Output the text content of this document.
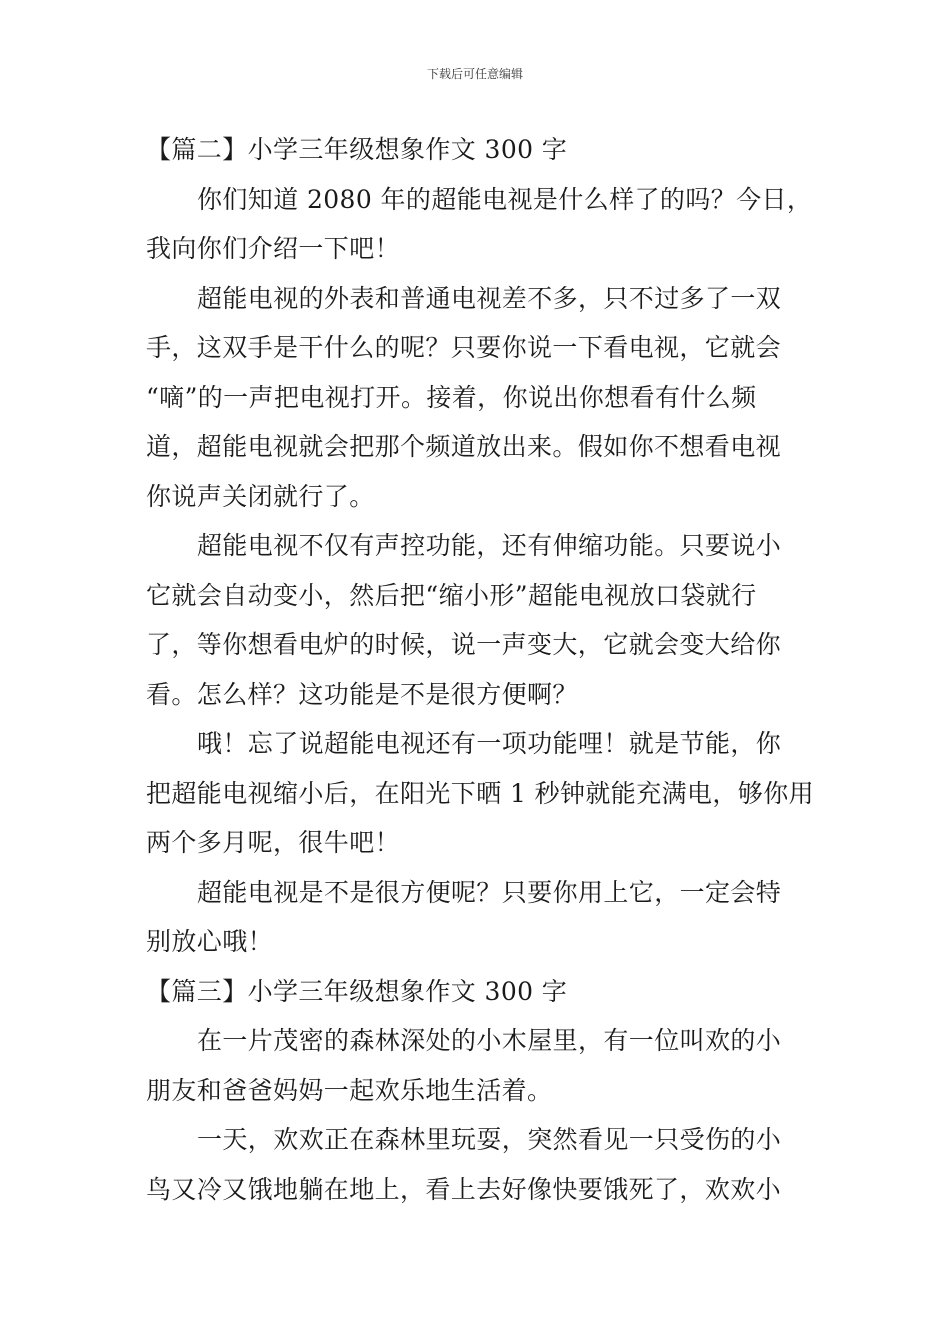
下载后可任意编辑
【篇二】小学三年级想象作文 300 字
你们知道 2080 年的超能电视是什么样了的吗？今日，
我向你们介绍一下吧！
超能电视的外表和普通电视差不多，只不过多了一双
手，这双手是干什么的呢？只要你说一下看电视，它就会
“嘀”的一声把电视打开。接着，你说出你想看有什么频
道，超能电视就会把那个频道放出来。假如你不想看电视
你说声关闭就行了。
超能电视不仅有声控功能，还有伸缩功能。只要说小
它就会自动变小，然后把“缩小形”超能电视放口袋就行
了，等你想看电炉的时候，说一声变大，它就会变大给你
看。怎么样？这功能是不是很方便啊？
哦！忘了说超能电视还有一项功能哩！就是节能，你
把超能电视缩小后，在阳光下晒 1 秒钟就能充满电，够你用
两个多月呢，很牛吧！
超能电视是不是很方便呢？只要你用上它，一定会特
别放心哦！
【篇三】小学三年级想象作文 300 字
在一片茂密的森林深处的小木屋里，有一位叫欢的小
朋友和爸爸妈妈一起欢乐地生活着。
一天，欢欢正在森林里玩耍，突然看见一只受伤的小
鸟又冷又饿地躺在地上，看上去好像快要饿死了，欢欢小
